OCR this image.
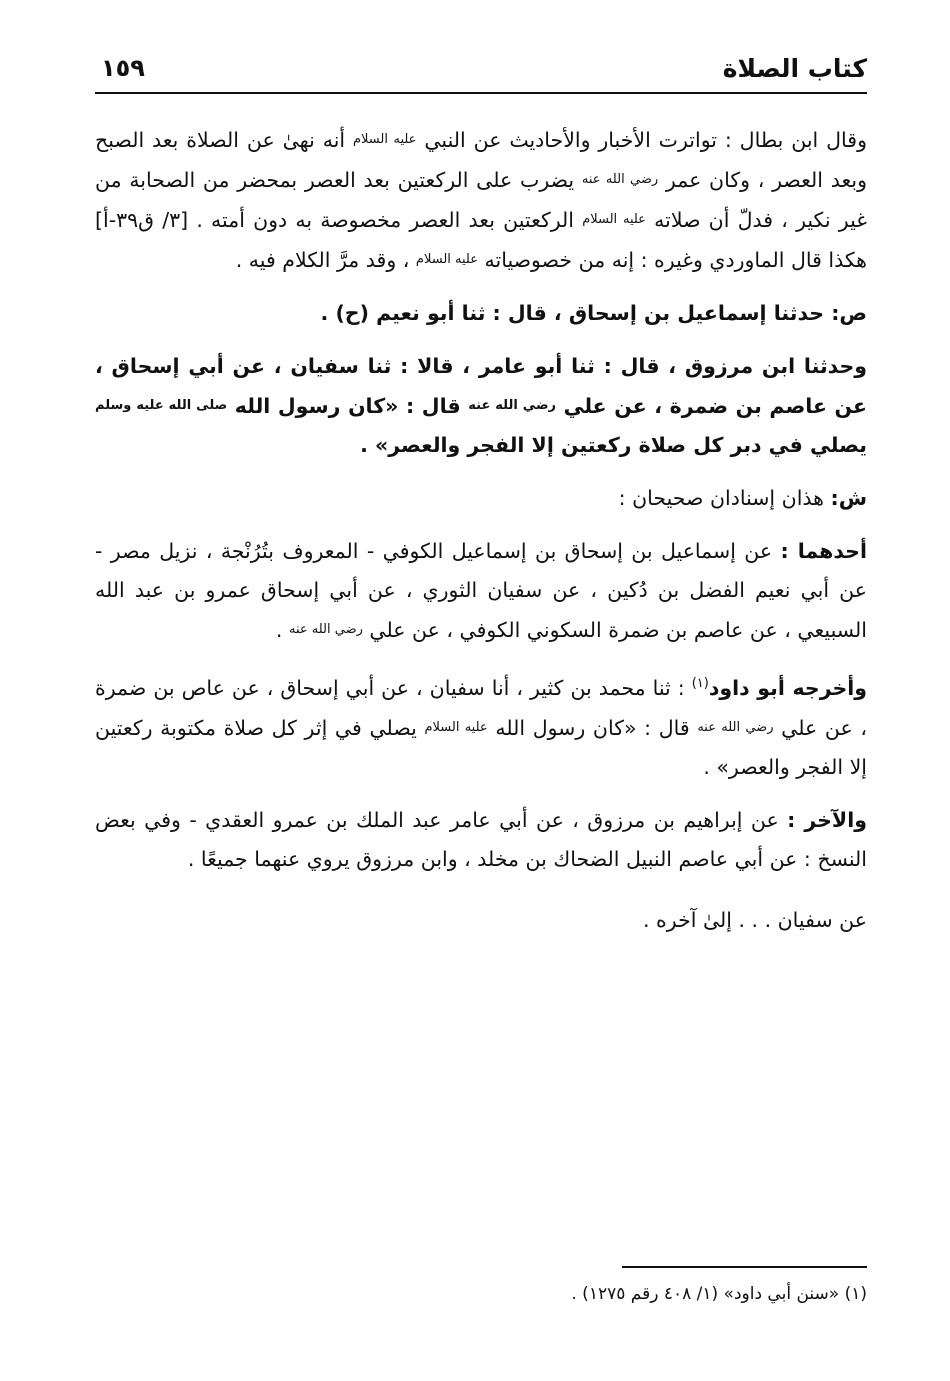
كتاب الصلاة
١٥٩

وقال ابن بطال : تواترت الأخبار والأحاديث عن النبي عليه السلام أنه نهىٰ عن الصلاة بعد الصبح وبعد العصر ، وكان عمر رضي الله عنه يضرب على الركعتين بعد العصر بمحضر من الصحابة من غير نكير ، فدلّ أن صلاته عليه السلام الركعتين بعد العصر مخصوصة به دون أمته . [٣/ ق٣٩-أ] هكذا قال الماوردي وغيره : إنه من خصوصياته عليه السلام ، وقد مرَّ الكلام فيه .

ص: حدثنا إسماعيل بن إسحاق ، قال : ثنا أبو نعيم (ح) .

وحدثنا ابن مرزوق ، قال : ثنا أبو عامر ، قالا : ثنا سفيان ، عن أبي إسحاق ، عن عاصم بن ضمرة ، عن علي رضي الله عنه قال : «كان رسول الله صلى الله عليه وسلم يصلي في دبر كل صلاة ركعتين إلا الفجر والعصر» .

ش: هذان إسنادان صحيحان :

أحدهما : عن إسماعيل بن إسحاق بن إسماعيل الكوفي - المعروف بتُرُنْجة ، نزيل مصر - عن أبي نعيم الفضل بن دُكين ، عن سفيان الثوري ، عن أبي إسحاق عمرو بن عبد الله السبيعي ، عن عاصم بن ضمرة السكوني الكوفي ، عن علي رضي الله عنه .

وأخرجه أبو داود$^{(١)}$ : ثنا محمد بن كثير ، أنا سفيان ، عن أبي إسحاق ، عن عاص بن ضمرة ، عن علي رضي الله عنه قال : «كان رسول الله عليه السلام يصلي في إثر كل صلاة مكتوبة ركعتين إلا الفجر والعصر» .

والآخر : عن إبراهيم بن مرزوق ، عن أبي عامر عبد الملك بن عمرو العقدي - وفي بعض النسخ : عن أبي عاصم النبيل الضحاك بن مخلد ، وابن مرزوق يروي عنهما جميعًا .

عن سفيان . . . إلىٰ آخره .

(١) «سنن أبي داود» (١/ ٤٠٨ رقم ١٢٧٥) .
